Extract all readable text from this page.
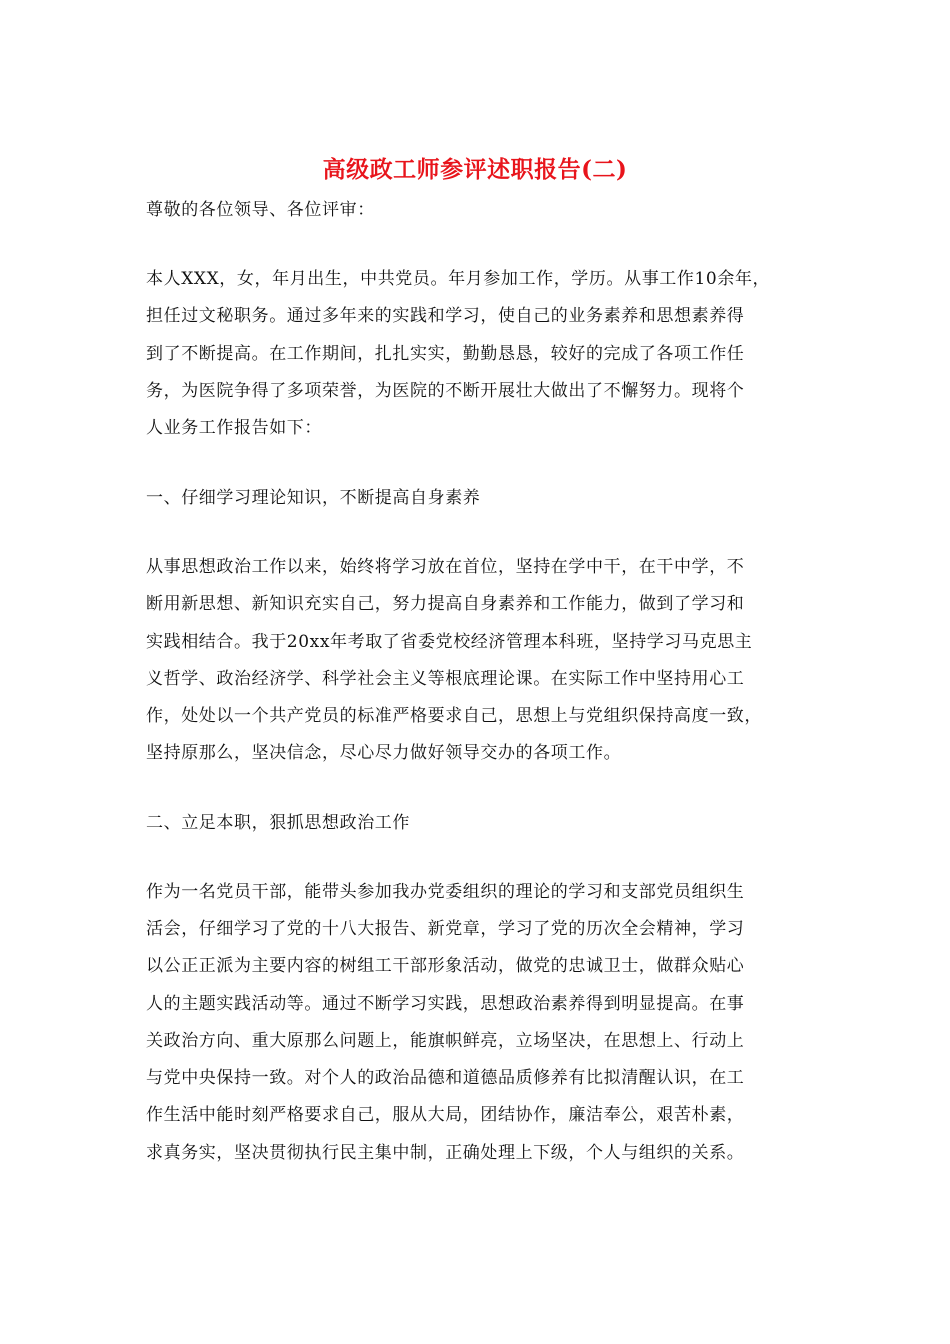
高级政工师参评述职报告(二)
尊敬的各位领导、各位评审：
本人XXX，女，年月出生，中共党员。年月参加工作，学历。从事工作10余年，
担任过文秘职务。通过多年来的实践和学习，使自己的业务素养和思想素养得
到了不断提高。在工作期间，扎扎实实，勤勤恳恳，较好的完成了各项工作任
务，为医院争得了多项荣誉，为医院的不断开展壮大做出了不懈努力。现将个
人业务工作报告如下：
一、仔细学习理论知识，不断提高自身素养
从事思想政治工作以来，始终将学习放在首位，坚持在学中干，在干中学，不
断用新思想、新知识充实自己，努力提高自身素养和工作能力，做到了学习和
实践相结合。我于20xx年考取了省委党校经济管理本科班，坚持学习马克思主
义哲学、政治经济学、科学社会主义等根底理论课。在实际工作中坚持用心工
作，处处以一个共产党员的标准严格要求自己，思想上与党组织保持高度一致，
坚持原那么，坚决信念，尽心尽力做好领导交办的各项工作。
二、立足本职，狠抓思想政治工作
作为一名党员干部，能带头参加我办党委组织的理论的学习和支部党员组织生
活会，仔细学习了党的十八大报告、新党章，学习了党的历次全会精神，学习
以公正正派为主要内容的树组工干部形象活动，做党的忠诚卫士，做群众贴心
人的主题实践活动等。通过不断学习实践，思想政治素养得到明显提高。在事
关政治方向、重大原那么问题上，能旗帜鲜亮，立场坚决，在思想上、行动上
与党中央保持一致。对个人的政治品德和道德品质修养有比拟清醒认识，在工
作生活中能时刻严格要求自己，服从大局，团结协作，廉洁奉公，艰苦朴素，
求真务实，坚决贯彻执行民主集中制，正确处理上下级，个人与组织的关系。
